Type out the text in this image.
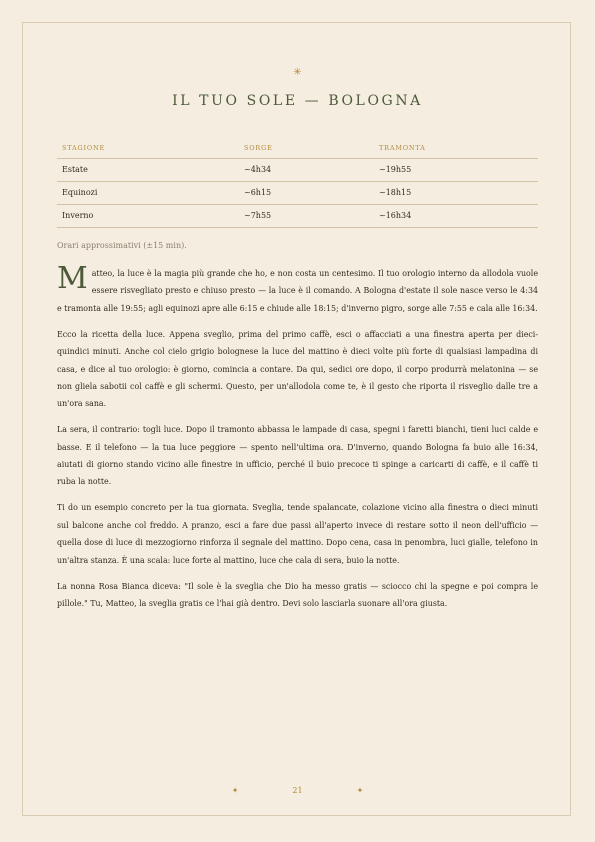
✳
IL TUO SOLE — BOLOGNA
STAGIONE	SORGE	TRAMONTA
Estate	~4h34	~19h55
Equinozi	~6h15	~18h15
Inverno	~7h55	~16h34
Orari approssimativi (±15 min).

Matteo, la luce è la magia più grande che ho, e non costa un centesimo. Il tuo orologio interno da allodola vuole essere risvegliato presto e chiuso presto — la luce è il comando. A Bologna d'estate il sole nasce verso le 4:34 e tramonta alle 19:55; agli equinozi apre alle 6:15 e chiude alle 18:15; d'inverno pigro, sorge alle 7:55 e cala alle 16:34.

Ecco la ricetta della luce. Appena sveglio, prima del primo caffè, esci o affacciati a una finestra aperta per dieci-quindici minuti. Anche col cielo grigio bolognese la luce del mattino è dieci volte più forte di qualsiasi lampadina di casa, e dice al tuo orologio: è giorno, comincia a contare. Da qui, sedici ore dopo, il corpo produrrà melatonina — se non gliela sabotii col caffè e gli schermi. Questo, per un'allodola come te, è il gesto che riporta il risveglio dalle tre a un'ora sana.

La sera, il contrario: togli luce. Dopo il tramonto abbassa le lampade di casa, spegni i faretti bianchi, tieni luci calde e basse. E il telefono — la tua luce peggiore — spento nell'ultima ora. D'inverno, quando Bologna fa buio alle 16:34, aiutati di giorno stando vicino alle finestre in ufficio, perché il buio precoce ti spinge a caricarti di caffè, e il caffè ti ruba la notte.

Ti do un esempio concreto per la tua giornata. Sveglia, tende spalancate, colazione vicino alla finestra o dieci minuti sul balcone anche col freddo. A pranzo, esci a fare due passi all'aperto invece di restare sotto il neon dell'ufficio — quella dose di luce di mezzogiorno rinforza il segnale del mattino. Dopo cena, casa in penombra, luci gialle, telefono in un'altra stanza. È una scala: luce forte al mattino, luce che cala di sera, buio la notte.

La nonna Rosa Bianca diceva: "Il sole è la sveglia che Dio ha messo gratis — sciocco chi la spegne e poi compra le pillole." Tu, Matteo, la sveglia gratis ce l'hai già dentro. Devi solo lasciarla suonare all'ora giusta.

✦	21	✦
